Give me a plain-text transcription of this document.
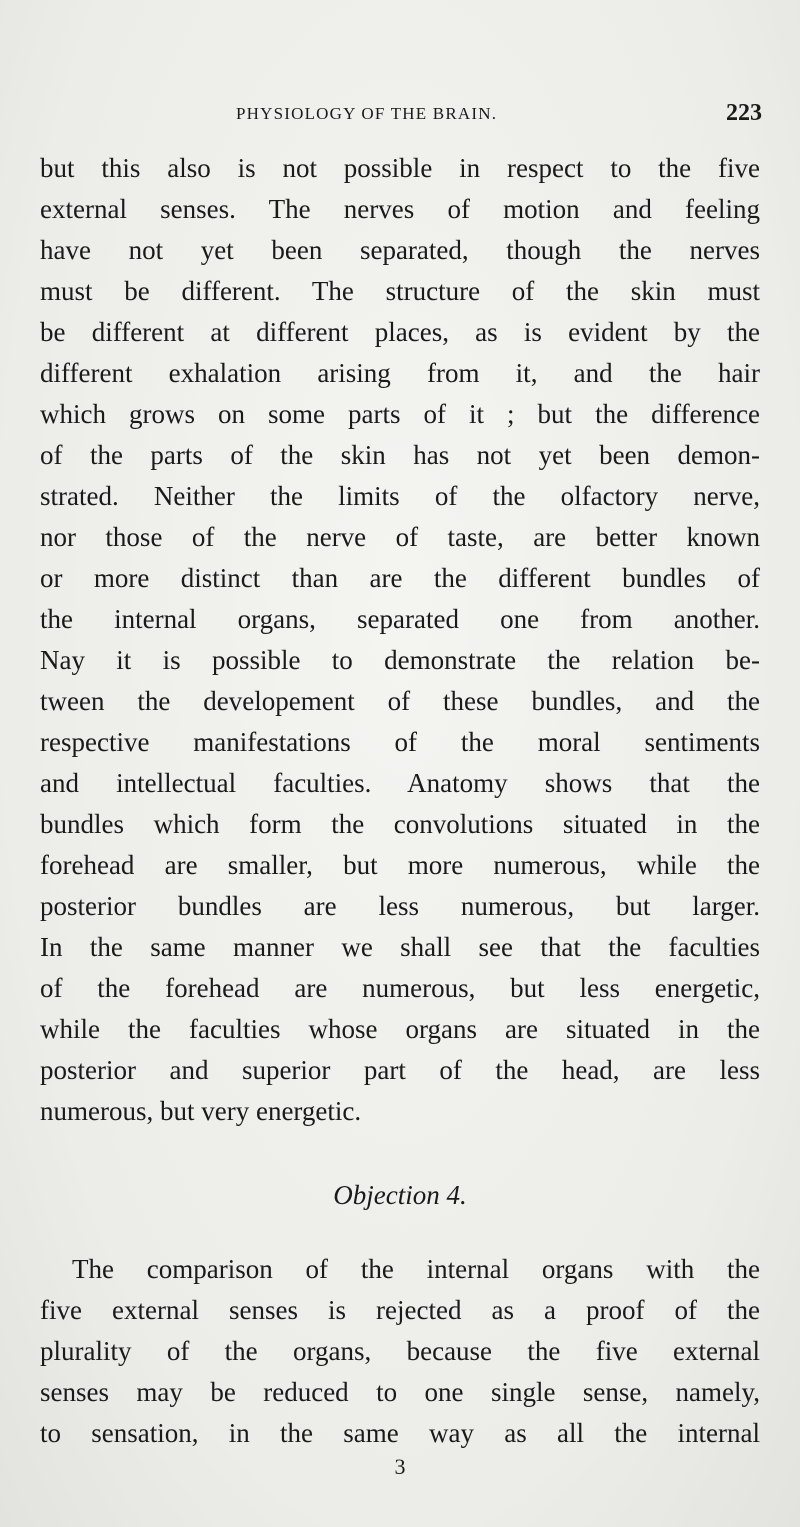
PHYSIOLOGY OF THE BRAIN.	223
but this also is not possible in respect to the five
external senses. The nerves of motion and feeling
have not yet been separated, though the nerves
must be different. The structure of the skin must
be different at different places, as is evident by the
different exhalation arising from it, and the hair
which grows on some parts of it ; but the difference
of the parts of the skin has not yet been demon-
strated. Neither the limits of the olfactory nerve,
nor those of the nerve of taste, are better known
or more distinct than are the different bundles of
the internal organs, separated one from another.
Nay it is possible to demonstrate the relation be-
tween the developement of these bundles, and the
respective manifestations of the moral sentiments
and intellectual faculties. Anatomy shows that the
bundles which form the convolutions situated in the
forehead are smaller, but more numerous, while the
posterior bundles are less numerous, but larger.
In the same manner we shall see that the faculties
of the forehead are numerous, but less energetic,
while the faculties whose organs are situated in the
posterior and superior part of the head, are less
numerous, but very energetic.
Objection 4.
The comparison of the internal organs with the
five external senses is rejected as a proof of the
plurality of the organs, because the five external
senses may be reduced to one single sense, namely,
to sensation, in the same way as all the internal
3
